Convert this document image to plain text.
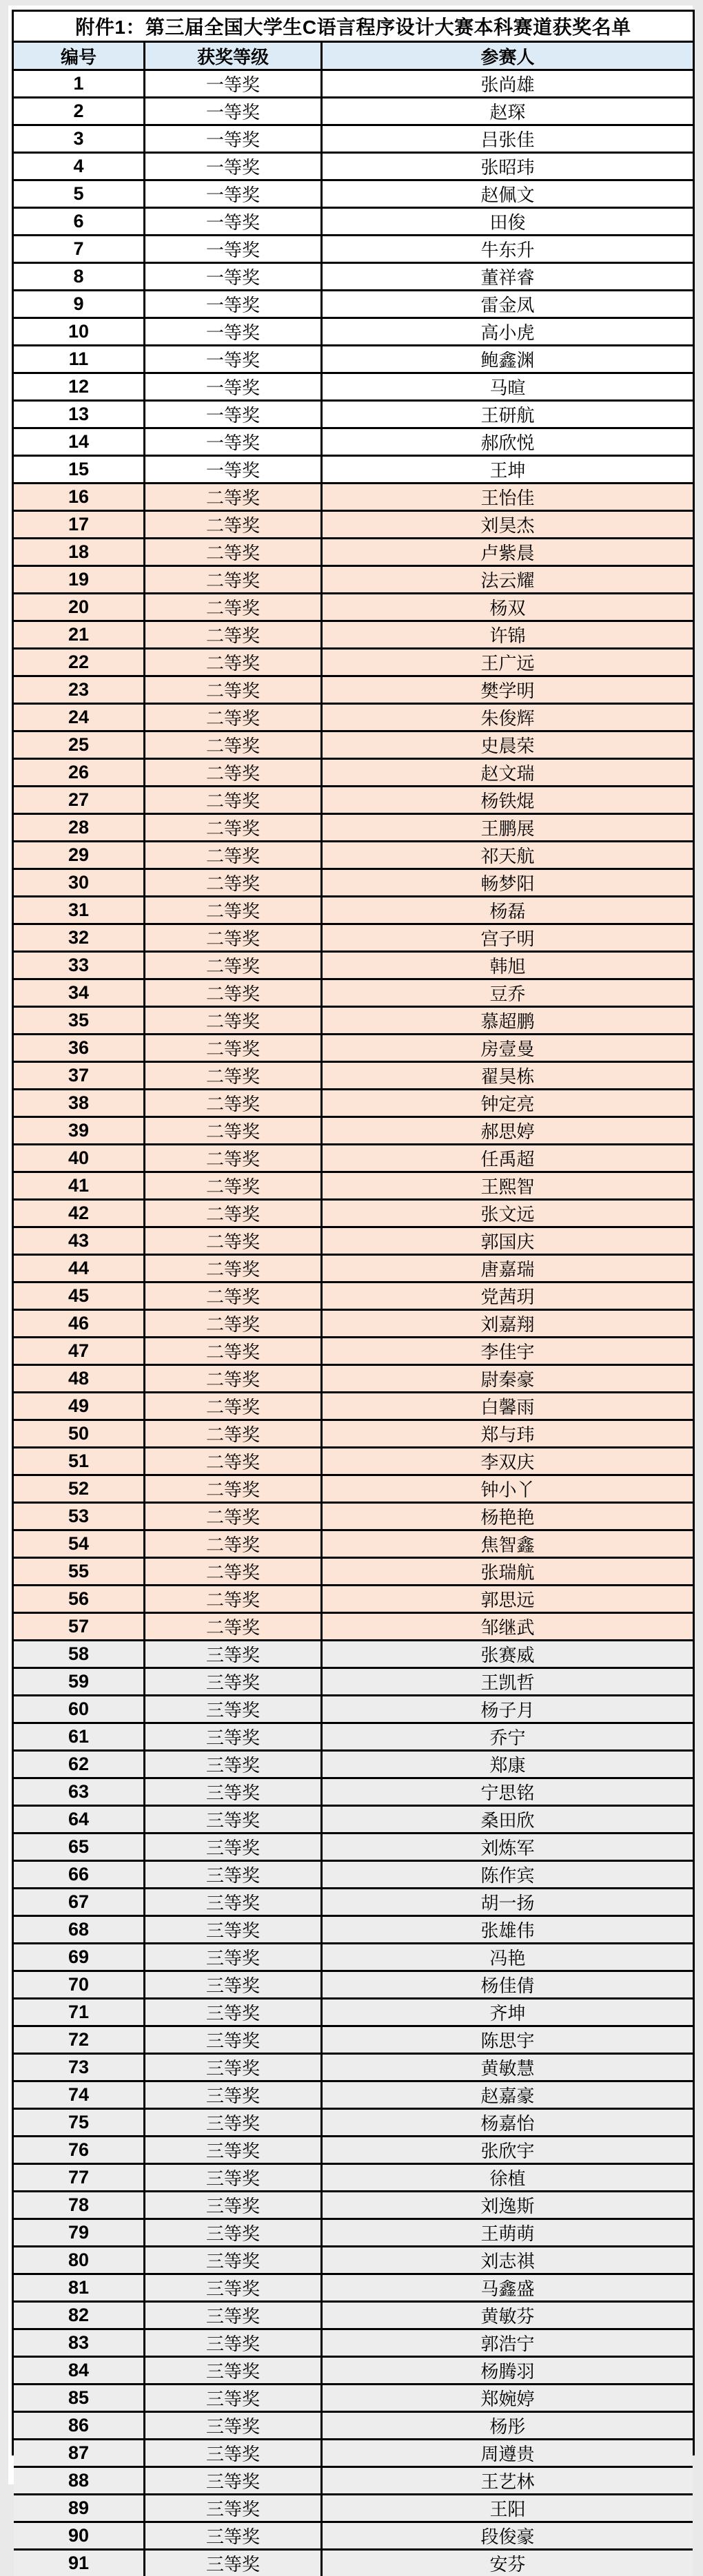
附件1：第三届全国大学生C语言程序设计大赛本科赛道获奖名单
编号	获奖等级	参赛人
1	一等奖	张尚雄
2	一等奖	赵琛
3	一等奖	吕张佳
4	一等奖	张昭玮
5	一等奖	赵佩文
6	一等奖	田俊
7	一等奖	牛东升
8	一等奖	董祥睿
9	一等奖	雷金凤
10	一等奖	高小虎
11	一等奖	鲍鑫渊
12	一等奖	马暄
13	一等奖	王研航
14	一等奖	郝欣悦
15	一等奖	王坤
16	二等奖	王怡佳
17	二等奖	刘昊杰
18	二等奖	卢紫晨
19	二等奖	法云耀
20	二等奖	杨双
21	二等奖	许锦
22	二等奖	王广远
23	二等奖	樊学明
24	二等奖	朱俊辉
25	二等奖	史晨荣
26	二等奖	赵文瑞
27	二等奖	杨铁焜
28	二等奖	王鹏展
29	二等奖	祁天航
30	二等奖	畅梦阳
31	二等奖	杨磊
32	二等奖	宫子明
33	二等奖	韩旭
34	二等奖	豆乔
35	二等奖	慕超鹏
36	二等奖	房壹曼
37	二等奖	翟昊栋
38	二等奖	钟定亮
39	二等奖	郝思婷
40	二等奖	任禹超
41	二等奖	王熙智
42	二等奖	张文远
43	二等奖	郭国庆
44	二等奖	唐嘉瑞
45	二等奖	党茜玥
46	二等奖	刘嘉翔
47	二等奖	李佳宇
48	二等奖	尉秦豪
49	二等奖	白馨雨
50	二等奖	郑与玮
51	二等奖	李双庆
52	二等奖	钟小丫
53	二等奖	杨艳艳
54	二等奖	焦智鑫
55	二等奖	张瑞航
56	二等奖	郭思远
57	二等奖	邹继武
58	三等奖	张赛威
59	三等奖	王凯哲
60	三等奖	杨子月
61	三等奖	乔宁
62	三等奖	郑康
63	三等奖	宁思铭
64	三等奖	桑田欣
65	三等奖	刘炼军
66	三等奖	陈作宾
67	三等奖	胡一扬
68	三等奖	张雄伟
69	三等奖	冯艳
70	三等奖	杨佳倩
71	三等奖	齐坤
72	三等奖	陈思宇
73	三等奖	黄敏慧
74	三等奖	赵嘉豪
75	三等奖	杨嘉怡
76	三等奖	张欣宇
77	三等奖	徐植
78	三等奖	刘逸斯
79	三等奖	王萌萌
80	三等奖	刘志祺
81	三等奖	马鑫盛
82	三等奖	黄敏芬
83	三等奖	郭浩宁
84	三等奖	杨腾羽
85	三等奖	郑婉婷
86	三等奖	杨彤
87	三等奖	周遵贵
88	三等奖	王艺林
89	三等奖	王阳
90	三等奖	段俊豪
91	三等奖	安芬
